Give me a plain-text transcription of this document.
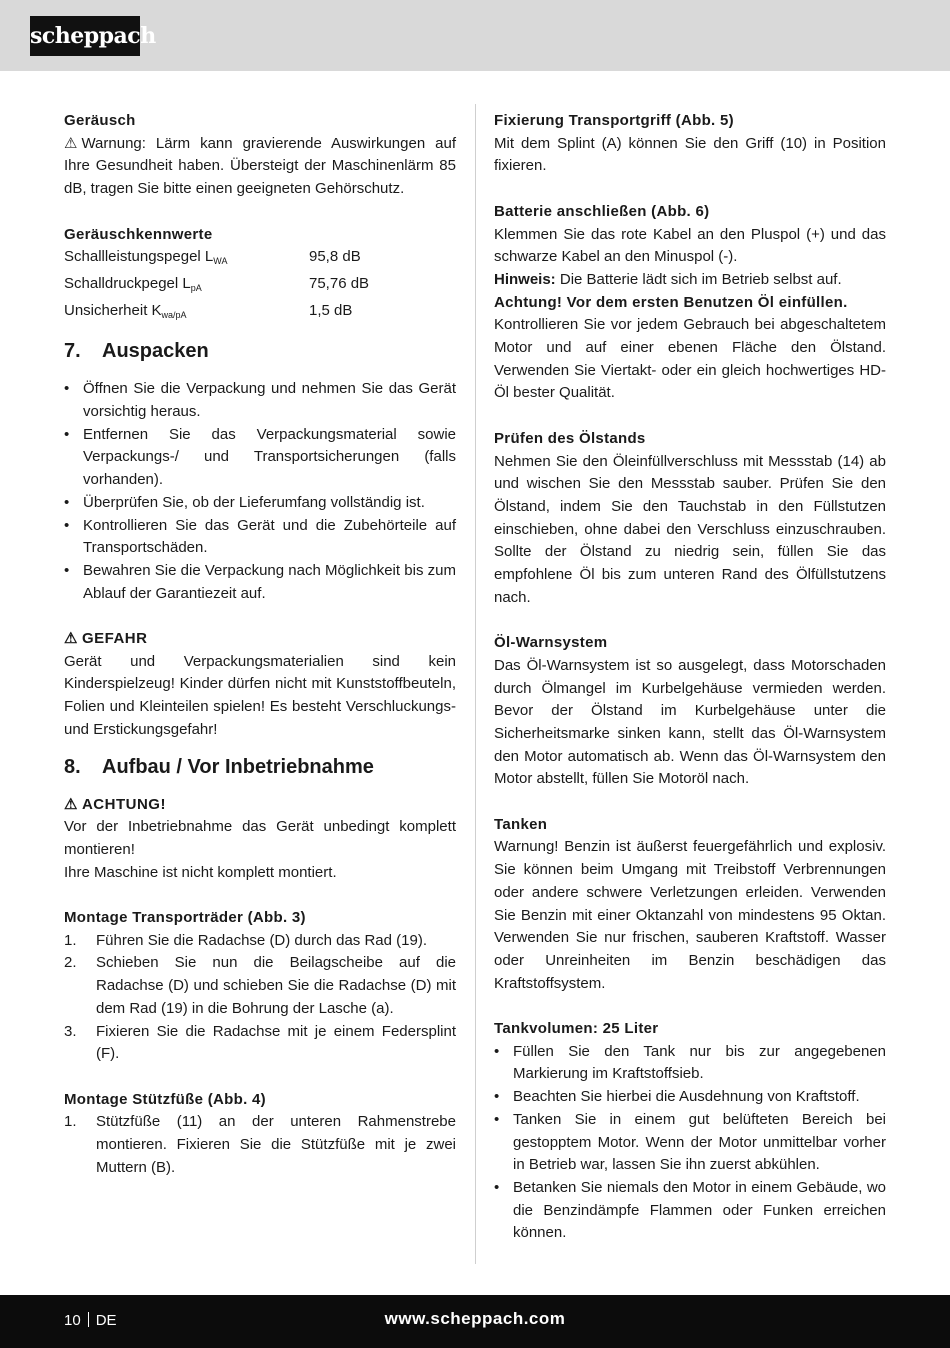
scheppach
Geräusch
⚠ Warnung: Lärm kann gravierende Auswirkungen auf Ihre Gesundheit haben. Übersteigt der Maschinenlärm 85 dB, tragen Sie bitte einen geeigneten Gehörschutz.
Geräuschkennwerte
Schallleistungspegel $L_{WA}$	95,8 dB
Schalldruckpegel $L_{pA}$	75,76 dB
Unsicherheit $K_{wa/pA}$	1,5 dB
7.	Auspacken
• Öffnen Sie die Verpackung und nehmen Sie das Gerät vorsichtig heraus.
• Entfernen Sie das Verpackungsmaterial sowie Verpackungs-/ und Transportsicherungen (falls vorhanden).
• Überprüfen Sie, ob der Lieferumfang vollständig ist.
• Kontrollieren Sie das Gerät und die Zubehörteile auf Transportschäden.
• Bewahren Sie die Verpackung nach Möglichkeit bis zum Ablauf der Garantiezeit auf.
⚠ GEFAHR
Gerät und Verpackungsmaterialien sind kein Kinderspielzeug! Kinder dürfen nicht mit Kunststoffbeuteln, Folien und Kleinteilen spielen! Es besteht Verschluckungs- und Erstickungsgefahr!
8.	Aufbau / Vor Inbetriebnahme
⚠ ACHTUNG!
Vor der Inbetriebnahme das Gerät unbedingt komplett montieren!
Ihre Maschine ist nicht komplett montiert.
Montage Transporträder (Abb. 3)
1. Führen Sie die Radachse (D) durch das Rad (19).
2. Schieben Sie nun die Beilagscheibe auf die Radachse (D) und schieben Sie die Radachse (D) mit dem Rad (19) in die Bohrung der Lasche (a).
3. Fixieren Sie die Radachse mit je einem Federsplint (F).
Montage Stützfüße (Abb. 4)
1. Stützfüße (11) an der unteren Rahmenstrebe montieren. Fixieren Sie die Stützfüße mit je zwei Muttern (B).
Fixierung Transportgriff (Abb. 5)
Mit dem Splint (A) können Sie den Griff (10) in Position fixieren.
Batterie anschließen (Abb. 6)
Klemmen Sie das rote Kabel an den Pluspol (+) und das schwarze Kabel an den Minuspol (-).
Hinweis: Die Batterie lädt sich im Betrieb selbst auf.
Achtung! Vor dem ersten Benutzen Öl einfüllen.
Kontrollieren Sie vor jedem Gebrauch bei abgeschaltetem Motor und auf einer ebenen Fläche den Ölstand. Verwenden Sie Viertakt- oder ein gleich hochwertiges HD-Öl bester Qualität.
Prüfen des Ölstands
Nehmen Sie den Öleinfüllverschluss mit Messstab (14) ab und wischen Sie den Messstab sauber. Prüfen Sie den Ölstand, indem Sie den Tauchstab in den Füllstutzen einschieben, ohne dabei den Verschluss einzuschrauben. Sollte der Ölstand zu niedrig sein, füllen Sie das empfohlene Öl bis zum unteren Rand des Ölfüllstutzens nach.
Öl-Warnsystem
Das Öl-Warnsystem ist so ausgelegt, dass Motorschaden durch Ölmangel im Kurbelgehäuse vermieden werden. Bevor der Ölstand im Kurbelgehäuse unter die Sicherheitsmarke sinken kann, stellt das Öl-Warnsystem den Motor automatisch ab. Wenn das Öl-Warnsystem den Motor abstellt, füllen Sie Motoröl nach.
Tanken
Warnung! Benzin ist äußerst feuergefährlich und explosiv. Sie können beim Umgang mit Treibstoff Verbrennungen oder andere schwere Verletzungen erleiden. Verwenden Sie Benzin mit einer Oktanzahl von mindestens 95 Oktan. Verwenden Sie nur frischen, sauberen Kraftstoff. Wasser oder Unreinheiten im Benzin beschädigen das Kraftstoffsystem.
Tankvolumen: 25 Liter
• Füllen Sie den Tank nur bis zur angegebenen Markierung im Kraftstoffsieb.
• Beachten Sie hierbei die Ausdehnung von Kraftstoff.
• Tanken Sie in einem gut belüfteten Bereich bei gestopptem Motor. Wenn der Motor unmittelbar vorher in Betrieb war, lassen Sie ihn zuerst abkühlen.
• Betanken Sie niemals den Motor in einem Gebäude, wo die Benzindämpfe Flammen oder Funken erreichen können.
10 DE	www.scheppach.com
